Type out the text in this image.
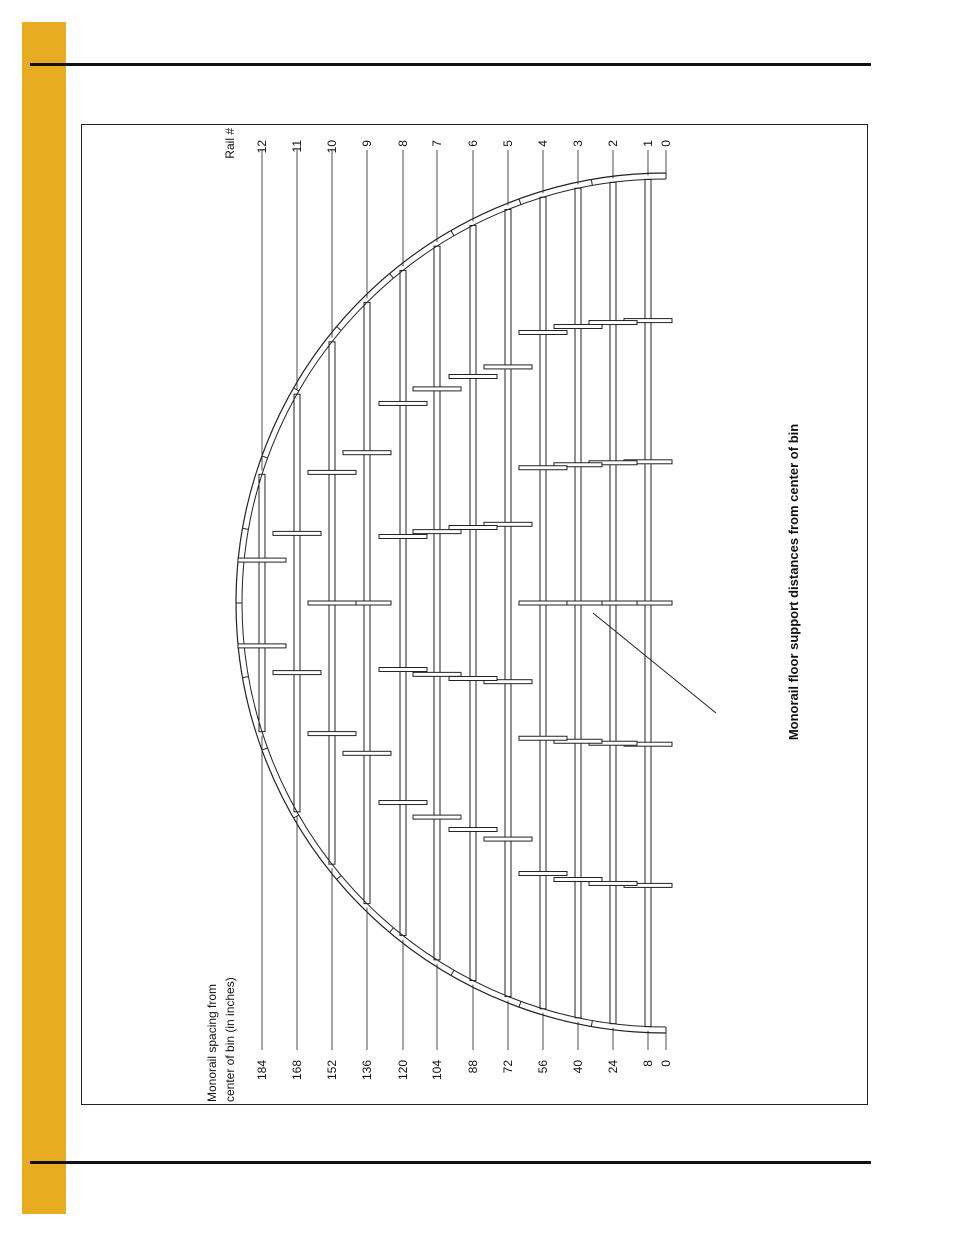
0
0
1
8
2
24
3
40
4
56
5
72
6
88
7
104
8
120
9
136
10
152
11
168
12
184
Rail #
Monorail spacing from center of bin (in inches)
Monorail floor support distances from center of bin
